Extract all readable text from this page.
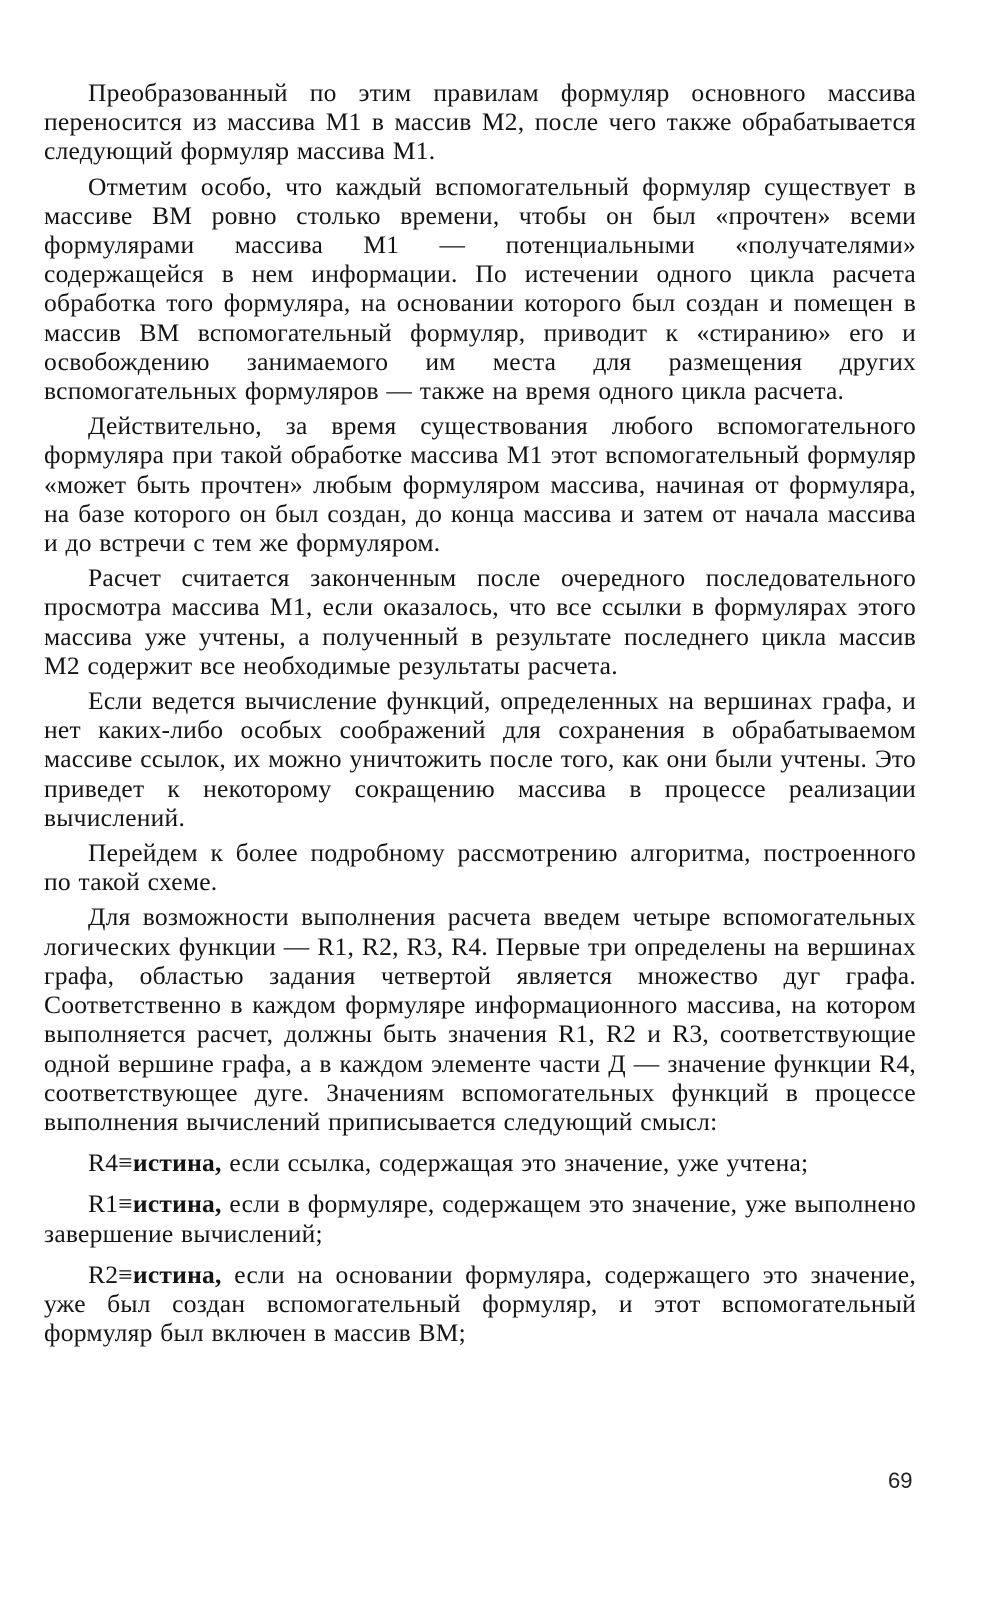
Преобразованный по этим правилам формуляр основного массива переносится из массива M1 в массив M2, после чего также обрабатывается следующий формуляр массива M1.

Отметим особо, что каждый вспомогательный формуляр существует в массиве BM ровно столько времени, чтобы он был «прочтен» всеми формулярами массива M1 — потенциальными «получателями» содержащейся в нем информации. По истечении одного цикла расчета обработка того формуляра, на основании которого был создан и помещен в массив BM вспомогательный формуляр, приводит к «стиранию» его и освобождению занимаемого им места для размещения других вспомогательных формуляров — также на время одного цикла расчета.

Действительно, за время существования любого вспомогательного формуляра при такой обработке массива M1 этот вспомогательный формуляр «может быть прочтен» любым формуляром массива, начиная от формуляра, на базе которого он был создан, до конца массива и затем от начала массива и до встречи с тем же формуляром.

Расчет считается законченным после очередного последовательного просмотра массива M1, если оказалось, что все ссылки в формулярах этого массива уже учтены, а полученный в результате последнего цикла массив M2 содержит все необходимые результаты расчета.

Если ведется вычисление функций, определенных на вершинах графа, и нет каких-либо особых соображений для сохранения в обрабатываемом массиве ссылок, их можно уничтожить после того, как они были учтены. Это приведет к некоторому сокращению массива в процессе реализации вычислений.

Перейдем к более подробному рассмотрению алгоритма, построенного по такой схеме.

Для возможности выполнения расчета введем четыре вспомогательных логических функции — R1, R2, R3, R4. Первые три определены на вершинах графа, областью задания четвертой является множество дуг графа. Соответственно в каждом формуляре информационного массива, на котором выполняется расчет, должны быть значения R1, R2 и R3, соответствующие одной вершине графа, а в каждом элементе части Д — значение функции R4, соответствующее дуге. Значениям вспомогательных функций в процессе выполнения вычислений приписывается следующий смысл:

R4≡истина, если ссылка, содержащая это значение, уже учтена;

R1≡истина, если в формуляре, содержащем это значение, уже выполнено завершение вычислений;

R2≡истина, если на основании формуляра, содержащего это значение, уже был создан вспомогательный формуляр, и этот вспомогательный формуляр был включен в массив BM;

69
